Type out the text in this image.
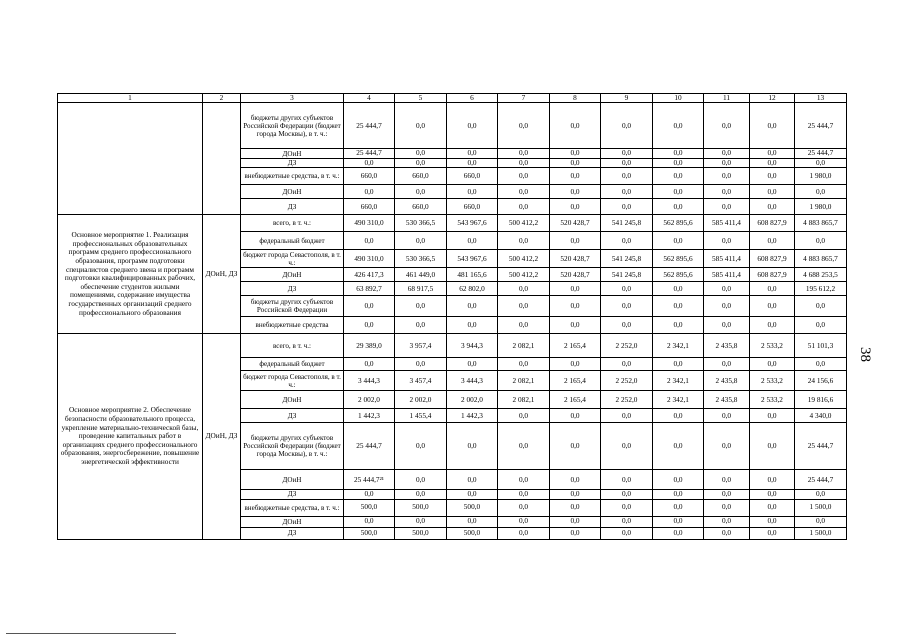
1	2	3	4	5	6	7	8	9	10	11	12	13
		бюджеты других субъектов Российской Федерации (бюджет города Москвы), в т. ч.:	25 444,7	0,0	0,0	0,0	0,0	0,0	0,0	0,0	0,0	25 444,7
		ДОиН	25 444,7	0,0	0,0	0,0	0,0	0,0	0,0	0,0	0,0	25 444,7
		ДЗ	0,0	0,0	0,0	0,0	0,0	0,0	0,0	0,0	0,0	0,0
		внебюджетные средства, в т. ч.:	660,0	660,0	660,0	0,0	0,0	0,0	0,0	0,0	0,0	1 980,0
		ДОиН	0,0	0,0	0,0	0,0	0,0	0,0	0,0	0,0	0,0	0,0
		ДЗ	660,0	660,0	660,0	0,0	0,0	0,0	0,0	0,0	0,0	1 980,0
Основное мероприятие 1. Реализация профессиональных образовательных программ среднего профессионального образования, программ подготовки специалистов среднего звена и программ подготовки квалифицированных рабочих, обеспечение студентов жилыми помещениями, содержание имущества государственных организаций среднего профессионального образования	ДОиН, ДЗ	всего, в т. ч.:	490 310,0	530 366,5	543 967,6	500 412,2	520 428,7	541 245,8	562 895,6	585 411,4	608 827,9	4 883 865,7
		федеральный бюджет	0,0	0,0	0,0	0,0	0,0	0,0	0,0	0,0	0,0	0,0
		бюджет города Севастополя, в т. ч.:	490 310,0	530 366,5	543 967,6	500 412,2	520 428,7	541 245,8	562 895,6	585 411,4	608 827,9	4 883 865,7
		ДОиН	426 417,3	461 449,0	481 165,6	500 412,2	520 428,7	541 245,8	562 895,6	585 411,4	608 827,9	4 688 253,5
		ДЗ	63 892,7	68 917,5	62 802,0	0,0	0,0	0,0	0,0	0,0	0,0	195 612,2
		бюджеты других субъектов Российской Федерации	0,0	0,0	0,0	0,0	0,0	0,0	0,0	0,0	0,0	0,0
		внебюджетные средства	0,0	0,0	0,0	0,0	0,0	0,0	0,0	0,0	0,0	0,0
Основное мероприятие 2. Обеспечение безопасности образовательного процесса, укрепление материально-технической базы, проведение капитальных работ в организациях среднего профессионального образования, энергосбережение, повышение энергетической эффективности	ДОиН, ДЗ	всего, в т. ч.:	29 389,0	3 957,4	3 944,3	2 082,1	2 165,4	2 252,0	2 342,1	2 435,8	2 533,2	51 101,3
		федеральный бюджет	0,0	0,0	0,0	0,0	0,0	0,0	0,0	0,0	0,0	0,0
		бюджет города Севастополя, в т. ч.:	3 444,3	3 457,4	3 444,3	2 082,1	2 165,4	2 252,0	2 342,1	2 435,8	2 533,2	24 156,6
		ДОиН	2 002,0	2 002,0	2 002,0	2 082,1	2 165,4	2 252,0	2 342,1	2 435,8	2 533,2	19 816,6
		ДЗ	1 442,3	1 455,4	1 442,3	0,0	0,0	0,0	0,0	0,0	0,0	4 340,0
		бюджеты других субъектов Российской Федерации (бюджет города Москвы), в т. ч.:	25 444,7	0,0	0,0	0,0	0,0	0,0	0,0	0,0	0,0	25 444,7
		ДОиН	25 444,7²¹	0,0	0,0	0,0	0,0	0,0	0,0	0,0	0,0	25 444,7
		ДЗ	0,0	0,0	0,0	0,0	0,0	0,0	0,0	0,0	0,0	0,0
		внебюджетные средства, в т. ч.:	500,0	500,0	500,0	0,0	0,0	0,0	0,0	0,0	0,0	1 500,0
		ДОиН	0,0	0,0	0,0	0,0	0,0	0,0	0,0	0,0	0,0	0,0
		ДЗ	500,0	500,0	500,0	0,0	0,0	0,0	0,0	0,0	0,0	1 500,0
38
